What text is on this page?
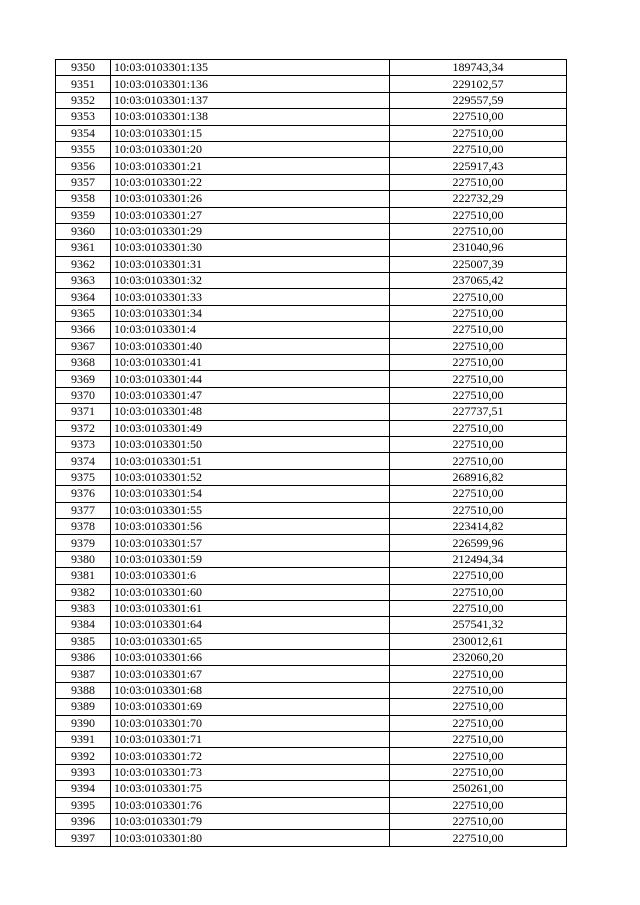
9350	10:03:0103301:135	189743,34
9351	10:03:0103301:136	229102,57
9352	10:03:0103301:137	229557,59
9353	10:03:0103301:138	227510,00
9354	10:03:0103301:15	227510,00
9355	10:03:0103301:20	227510,00
9356	10:03:0103301:21	225917,43
9357	10:03:0103301:22	227510,00
9358	10:03:0103301:26	222732,29
9359	10:03:0103301:27	227510,00
9360	10:03:0103301:29	227510,00
9361	10:03:0103301:30	231040,96
9362	10:03:0103301:31	225007,39
9363	10:03:0103301:32	237065,42
9364	10:03:0103301:33	227510,00
9365	10:03:0103301:34	227510,00
9366	10:03:0103301:4	227510,00
9367	10:03:0103301:40	227510,00
9368	10:03:0103301:41	227510,00
9369	10:03:0103301:44	227510,00
9370	10:03:0103301:47	227510,00
9371	10:03:0103301:48	227737,51
9372	10:03:0103301:49	227510,00
9373	10:03:0103301:50	227510,00
9374	10:03:0103301:51	227510,00
9375	10:03:0103301:52	268916,82
9376	10:03:0103301:54	227510,00
9377	10:03:0103301:55	227510,00
9378	10:03:0103301:56	223414,82
9379	10:03:0103301:57	226599,96
9380	10:03:0103301:59	212494,34
9381	10:03:0103301:6	227510,00
9382	10:03:0103301:60	227510,00
9383	10:03:0103301:61	227510,00
9384	10:03:0103301:64	257541,32
9385	10:03:0103301:65	230012,61
9386	10:03:0103301:66	232060,20
9387	10:03:0103301:67	227510,00
9388	10:03:0103301:68	227510,00
9389	10:03:0103301:69	227510,00
9390	10:03:0103301:70	227510,00
9391	10:03:0103301:71	227510,00
9392	10:03:0103301:72	227510,00
9393	10:03:0103301:73	227510,00
9394	10:03:0103301:75	250261,00
9395	10:03:0103301:76	227510,00
9396	10:03:0103301:79	227510,00
9397	10:03:0103301:80	227510,00
